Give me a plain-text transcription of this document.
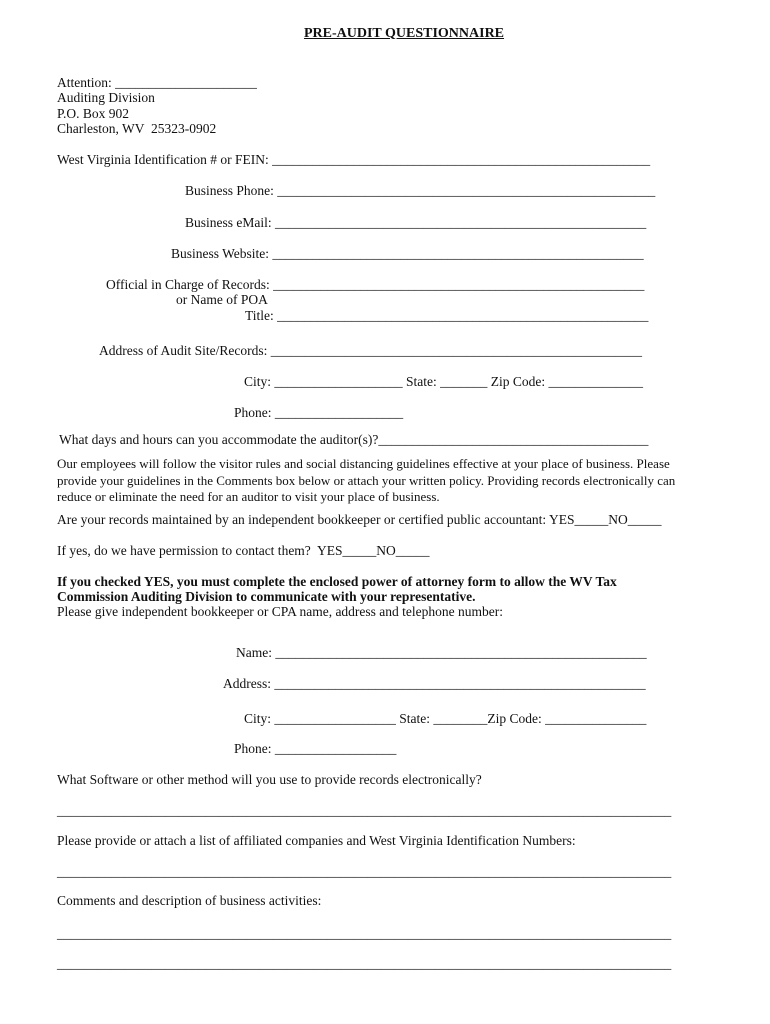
PRE-AUDIT QUESTIONNAIRE
Attention: _____________________
Auditing Division
P.O. Box 902
Charleston, WV  25323-0902
West Virginia Identification # or FEIN: ________________________________________________________
Business Phone: ________________________________________________________
Business eMail: _______________________________________________________
Business Website: _______________________________________________________
Official in Charge of Records: _______________________________________________________
or Name of POA
Title: _______________________________________________________
Address of Audit Site/Records: _______________________________________________________
City: ___________________ State: _______ Zip Code: ______________
Phone: ___________________
What days and hours can you accommodate the auditor(s)?________________________________________
Our employees will follow the visitor rules and social distancing guidelines effective at your place of business. Please provide your guidelines in the Comments box below or attach your written policy. Providing records electronically can reduce or eliminate the need for an auditor to visit your place of business.
Are your records maintained by an independent bookkeeper or certified public accountant: YES_____NO_____
If yes, do we have permission to contact them?  YES_____NO_____
If you checked YES, you must complete the enclosed power of attorney form to allow the WV Tax
Commission Auditing Division to communicate with your representative.
Please give independent bookkeeper or CPA name, address and telephone number:
Name: _______________________________________________________
Address: _______________________________________________________
City: __________________ State: ________Zip Code: _______________
Phone: __________________
What Software or other method will you use to provide records electronically?
___________________________________________________________________________________________
Please provide or attach a list of affiliated companies and West Virginia Identification Numbers:
___________________________________________________________________________________________
Comments and description of business activities:
___________________________________________________________________________________________
___________________________________________________________________________________________
